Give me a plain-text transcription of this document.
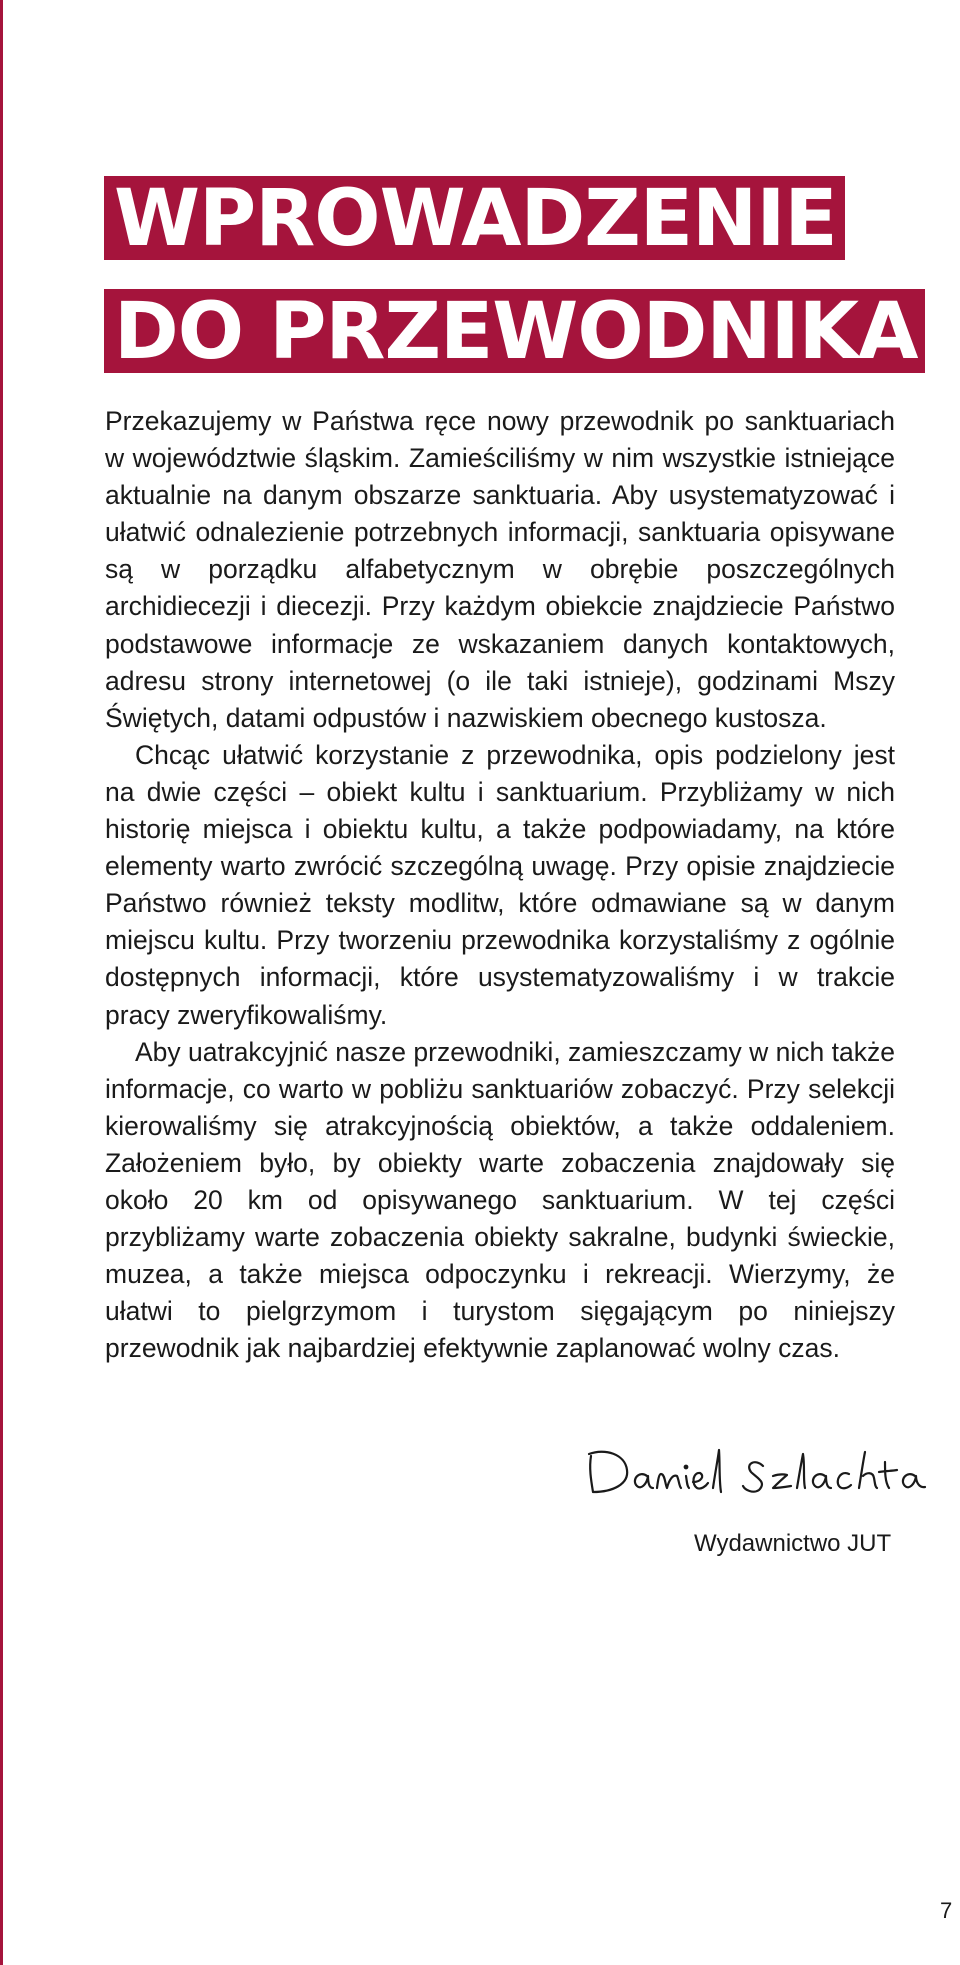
WPROWADZENIE
DO PRZEWODNIKA

Przekazujemy w Państwa ręce nowy przewodnik po sanktuariach w województwie śląskim. Zamieściliśmy w nim wszystkie istniejące aktualnie na danym obszarze sanktuaria. Aby usystematyzować i ułatwić odnalezienie potrzebnych informacji, sanktuaria opisywane są w porządku alfabetycznym w obrębie poszczególnych archidiecezji i diecezji. Przy każdym obiekcie znajdziecie Państwo podstawowe informacje ze wskazaniem danych kontaktowych, adresu strony internetowej (o ile taki istnieje), godzinami Mszy Świętych, datami odpustów i nazwiskiem obecnego kustosza.

Chcąc ułatwić korzystanie z przewodnika, opis podzielony jest na dwie części – obiekt kultu i sanktuarium. Przybliżamy w nich historię miejsca i obiektu kultu, a także podpowiadamy, na które elementy warto zwrócić szczególną uwagę. Przy opisie znajdziecie Państwo również teksty modlitw, które odmawiane są w danym miejscu kultu. Przy tworzeniu przewodnika korzystaliśmy z ogólnie dostępnych informacji, które usystematyzowaliśmy i w trakcie pracy zweryfikowaliśmy.

Aby uatrakcyjnić nasze przewodniki, zamieszczamy w nich także informacje, co warto w pobliżu sanktuariów zobaczyć. Przy selekcji kierowaliśmy się atrakcyjnością obiektów, a także oddaleniem. Założeniem było, by obiekty warte zobaczenia znajdowały się około 20 km od opisywanego sanktuarium. W tej części przybliżamy warte zobaczenia obiekty sakralne, budynki świeckie, muzea, a także miejsca odpoczynku i rekreacji. Wierzymy, że ułatwi to pielgrzymom i turystom sięgającym po niniejszy przewodnik jak najbardziej efektywnie zaplanować wolny czas.

Wydawnictwo JUT
7
